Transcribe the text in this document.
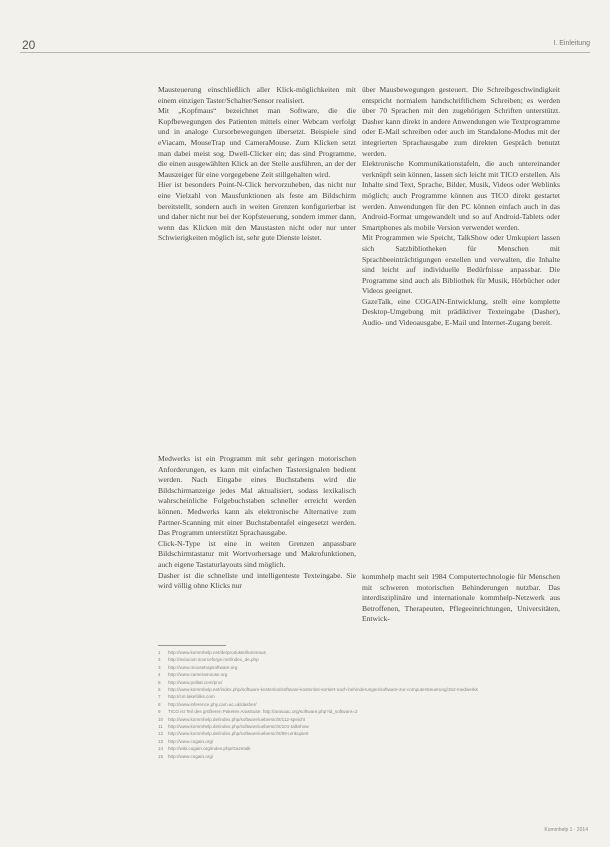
20	I. Einleitung

Mausteuerung einschließlich aller Klick-möglichkeiten mit einem einzigen Taster/Schalter/Sensor realisiert.

Mit „Kopfmaus“ bezeichnet man Software, die die Kopfbewegungen des Patienten mittels einer Webcam verfolgt und in analoge Cursorbewegungen übersetzt. Beispiele sind eViacam, MouseTrap und CameraMouse. Zum Klicken setzt man dabei meist sog. Dwell-Clicker ein; das sind Programme, die einen ausgewählten Klick an der Stelle ausführen, an der der Mauszeiger für eine vorgegebene Zeit stillgehalten wird.

Hier ist besonders Point-N-Click hervorzuheben, das nicht nur eine Vielzahl von Mausfunktionen als feste am Bildschirm bereitstellt, sondern auch in weiten Grenzen konfigurierbar ist und daher nicht nur bei der Kopfsteuerung, sondern immer dann, wenn das Klicken mit den Maustasten nicht oder nur unter Schwierigkeiten möglich ist, sehr gute Dienste leistet.

Medwerks ist ein Programm mit sehr geringen motorischen Anforderungen, es kann mit einfachen Tastersignalen bedient werden. Nach Eingabe eines Buchstabens wird die Bildschirmanzeige jedes Mal aktualisiert, sodass lexikalisch wahrscheinliche Folgebuchstaben schneller erreicht werden können. Medwerks kann als elektronische Alternative zum Partner-Scanning mit einer Buchstabentafel eingesetzt werden. Das Programm unterstützt Sprachausgabe.

Click-N-Type ist eine in weiten Grenzen anpassbare Bildschirmtastatur mit Wortvorhersage und Makrofunktionen, auch eigene Tastaturlayouts sind möglich.

Dasher ist die schnellste und intelligenteste Texteingabe. Sie wird völlig ohne Klicks nur

über Mausbewegungen gesteuert. Die Schreibgeschwindigkeit entspricht normalem handschriftlichem Schreiben; es werden über 70 Sprachen mit den zugehörigen Schriften unterstützt. Dasher kann direkt in andere Anwendungen wie Textprogramme oder E-Mail schreiben oder auch im Standalone-Modus mit der integrierten Sprachausgabe zum direkten Gespräch benutzt werden.

Elektronische Kommunikationstafeln, die auch untereinander verknüpft sein können, lassen sich leicht mit TICO erstellen. Als Inhalte sind Text, Sprache, Bilder, Musik, Videos oder Weblinks möglich; auch Programme können aus TICO direkt gestartet werden. Anwendungen für den PC können einfach auch in das Android-Format umgewandelt und so auf Android-Tablets oder Smartphones als mobile Version verwendet werden.

Mit Programmen wie Speicht, TalkShow oder Umkupiert lassen sich Satzbibliotheken für Menschen mit Sprachbeeinträchtigungen erstellen und verwalten, die Inhalte sind leicht auf individuelle Bedürfnisse anpassbar. Die Programme sind auch als Bibliothek für Musik, Hörbücher oder Videos geeignet.

GazeTalk, eine COGAIN-Entwicklung, stellt eine komplette Desktop-Umgebung mit prädiktiver Texteingabe (Dasher), Audio- und Videoausgabe, E-Mail und Internet-Zugang bereit.

kommhelp macht seit 1984 Computertechnologie für Menschen mit schweren motorischen Behinderungen nutzbar. Das interdisziplinäre und internationale kommhelp-Netzwerk aus Betroffenen, Therapeuten, Pflegeeinrichtungen, Universitäten, Entwick-

1	http://www.kommhelp.net/de/produkte/ikonmaus
2	http://eviacam.sourceforge.net/index_de.php
3	http://www.mousetrapsoftware.org
4	http://www.cameramouse.org
5	http://www.polital.com/pnc/
6	http://www.kommhelp.net/index.php/software-kostenlos/software-kostenlos-sortiert-nach-behinderungen/software-zur-computersteuerung/152-medwerks
7	http://cnt.lakefolks.com
8	http://www.inference.phy.cam.ac.uk/dasher/
9	TICO ist Teil des größeren Paketes ArasSuite: http://arasaac.org/software.php?id_software=2
10	http://www.kommhelp.de/index.php/software/uebersicht/112-speicht
11	http://www.kommhelp.de/index.php/software/uebersicht/101-talkshow
12	http://www.kommhelp.de/index.php/software/uebersicht/99-umkupiert
13	http://www.cogain.org/
14	http://wiki.cogain.org/index.php/Gazetalk
15	http://www.cogain.org/
Kommhelp 1 · 2014
